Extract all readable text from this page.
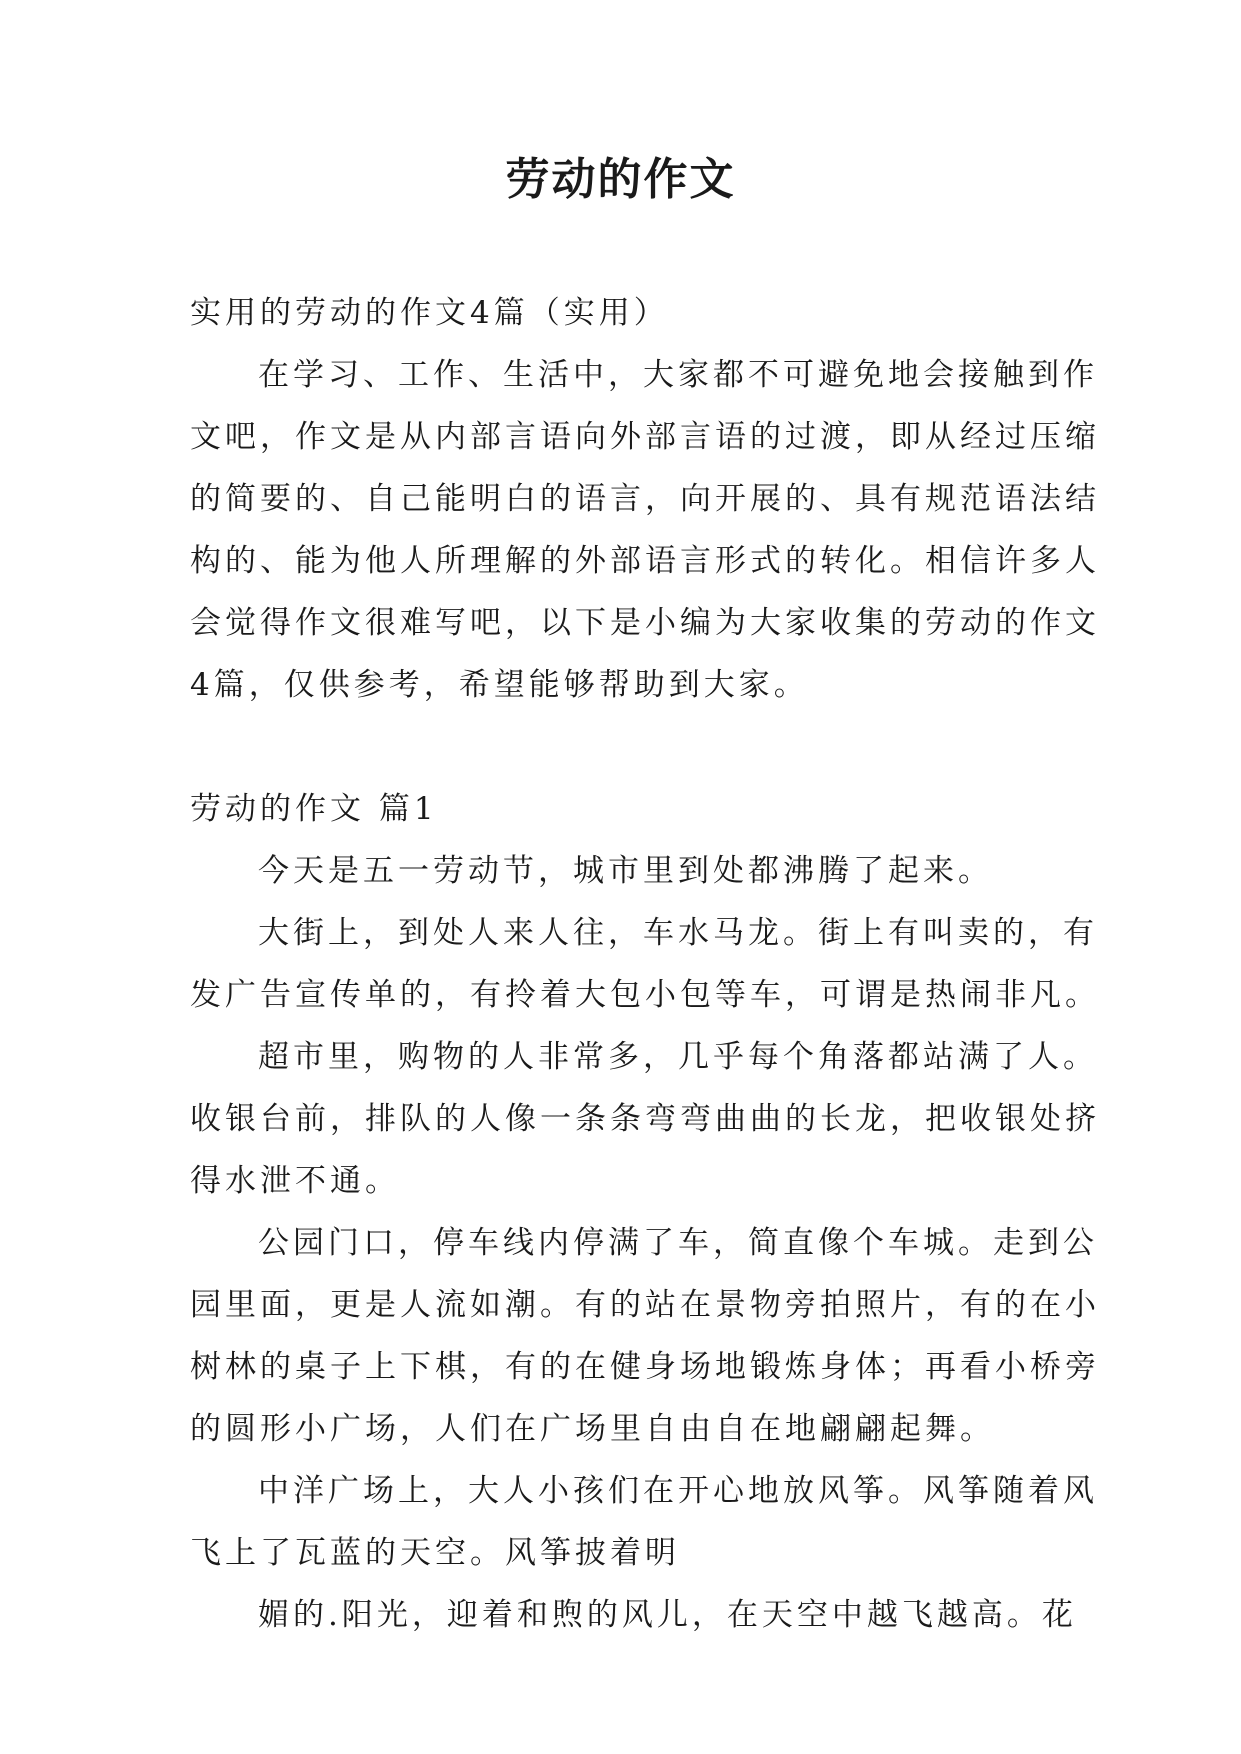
劳动的作文
实用的劳动的作文4篇（实用）
在学习、工作、生活中，大家都不可避免地会接触到作
文吧，作文是从内部言语向外部言语的过渡，即从经过压缩
的简要的、自己能明白的语言，向开展的、具有规范语法结
构的、能为他人所理解的外部语言形式的转化。相信许多人
会觉得作文很难写吧，以下是小编为大家收集的劳动的作文
4篇，仅供参考，希望能够帮助到大家。
劳动的作文 篇1
今天是五一劳动节，城市里到处都沸腾了起来。
大街上，到处人来人往，车水马龙。街上有叫卖的，有
发广告宣传单的，有拎着大包小包等车，可谓是热闹非凡。
超市里，购物的人非常多，几乎每个角落都站满了人。
收银台前，排队的人像一条条弯弯曲曲的长龙，把收银处挤
得水泄不通。
公园门口，停车线内停满了车，简直像个车城。走到公
园里面，更是人流如潮。有的站在景物旁拍照片，有的在小
树林的桌子上下棋，有的在健身场地锻炼身体；再看小桥旁
的圆形小广场，人们在广场里自由自在地翩翩起舞。
中洋广场上，大人小孩们在开心地放风筝。风筝随着风
飞上了瓦蓝的天空。风筝披着明
媚的.阳光，迎着和煦的风儿，在天空中越飞越高。花
